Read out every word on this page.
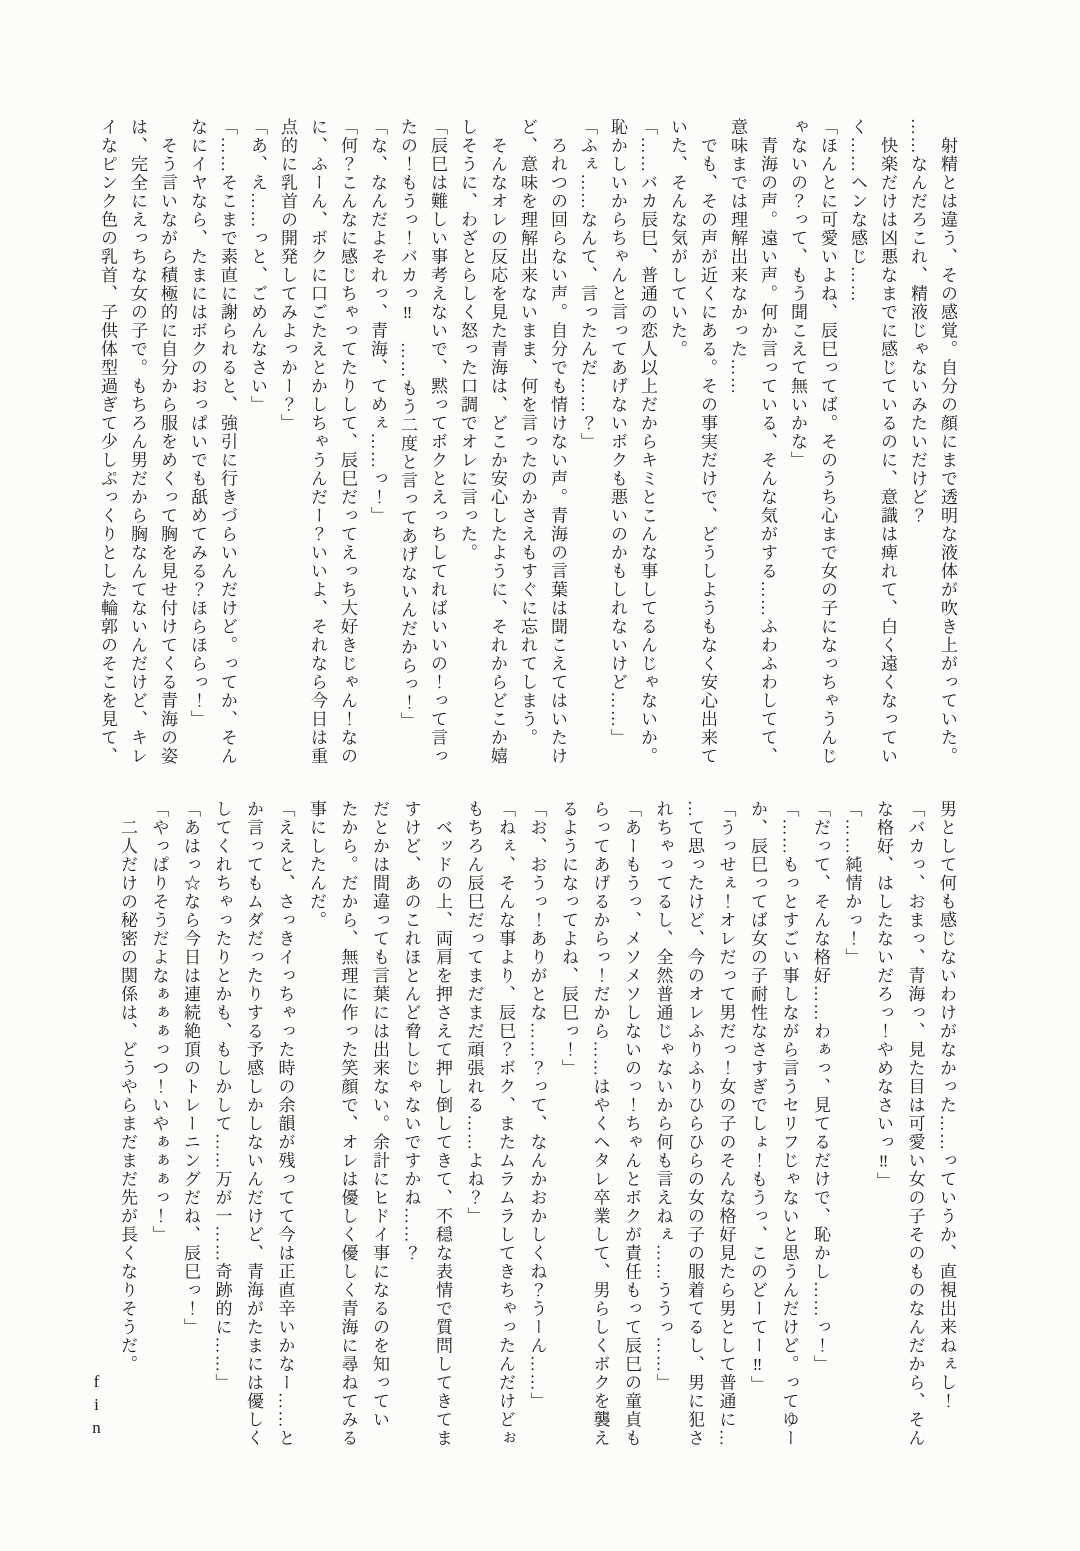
　射精とは違う、その感覚。自分の顔にまで透明な液体が吹き上がっていた。
……なんだろこれ、精液じゃないみたいだけど？
　快楽だけは凶悪なまでに感じているのに、意識は痺れて、白く遠くなってい
く……ヘンな感じ……
「ほんとに可愛いよね、辰巳ってば。そのうち心まで女の子になっちゃうんじ
ゃないの？って、もう聞こえて無いかな」
　青海の声。遠い声。何か言っている、そんな気がする……ふわふわしてて、
意味までは理解出来なかった……
　でも、その声が近くにある。その事実だけで、どうしようもなく安心出来て
いた、そんな気がしていた。
「……バカ辰巳、普通の恋人以上だからキミとこんな事してるんじゃないか。
恥かしいからちゃんと言ってあげないボクも悪いのかもしれないけど……」
「ふぇ……なんて、言ったんだ……？」
　ろれつの回らない声。自分でも情けない声。青海の言葉は聞こえてはいたけ
ど、意味を理解出来ないまま、何を言ったのかさえもすぐに忘れてしまう。
　そんなオレの反応を見た青海は、どこか安心したように、それからどこか嬉
しそうに、わざとらしく怒った口調でオレに言った。
「辰巳は難しい事考えないで、黙ってボクとえっちしてればいいの！って言っ
たの！もうっ！バカっ‼　……もう二度と言ってあげないんだからっ！」
「な、なんだよそれっ、青海、てめぇ……っ！」
「何？こんなに感じちゃってたりして、辰巳だってえっち大好きじゃん！なの
に、ふーん、ボクに口ごたえとかしちゃうんだー？いいよ、それなら今日は重
点的に乳首の開発してみよっかー？」
「あ、え……っと、ごめんなさい」
「……そこまで素直に謝られると、強引に行きづらいんだけど。ってか、そん
なにイヤなら、たまにはボクのおっぱいでも舐めてみる？ほらほらっ！」
　そう言いながら積極的に自分から服をめくって胸を見せ付けてくる青海の姿
は、完全にえっちな女の子で。もちろん男だから胸なんてないんだけど、キレ
イなピンク色の乳首、子供体型過ぎて少しぷっくりとした輪郭のそこを見て、
男として何も感じないわけがなかった……っていうか、直視出来ねぇし！
「バカっ、おまっ、青海っ、見た目は可愛い女の子そのものなんだから、そん
な格好、はしたないだろっ！やめなさいっ‼」
「……純情かっ！」
「だって、そんな格好……わぁっ、見てるだけで、恥かし……っ！」
「……もっとすごい事しながら言うセリフじゃないと思うんだけど。ってゆー
か、辰巳ってば女の子耐性なさすぎでしょ！もうっ、このどーてー‼」
「うっせぇ！オレだって男だっ！女の子のそんな格好見たら男として普通に…
…て思ったけど、今のオレふりふりひらひらの女の子の服着てるし、男に犯さ
れちゃってるし、全然普通じゃないから何も言えねぇ……ううっ……」
「あーもうっ、メソメソしないのっ！ちゃんとボクが責任もって辰巳の童貞も
らってあげるからっ！だから……はやくヘタレ卒業して、男らしくボクを襲え
るようになってよね、辰巳っ！」
「お、おうっ！ありがとな……？って、なんかおかしくね？うーん……」
「ねぇ、そんな事より、辰巳？ボク、またムラムラしてきちゃったんだけどぉ
もちろん辰巳だってまだまだ頑張れる……よね？」
　ベッドの上、両肩を押さえて押し倒してきて、不穏な表情で質問してきてま
すけど、あのこれほとんど脅しじゃないですかね……？
だとかは間違っても言葉には出来ない。余計にヒドイ事になるのを知ってい
たから。だから、無理に作った笑顔で、オレは優しく優しく青海に尋ねてみる
事にしたんだ。
「ええと、さっきイっちゃった時の余韻が残ってて今は正直辛いかなー……と
か言ってもムダだったりする予感しかしないんだけど、青海がたまには優しく
してくれちゃったりとかも、もしかして……万が一……奇跡的に……」
「あはっ☆なら今日は連続絶頂のトレーニングだね、辰巳っ！」
「やっぱりそうだよなぁぁぁっつ！いやぁぁぁっ！」
　二人だけの秘密の関係は、どうやらまだまだ先が長くなりそうだ。
fin
